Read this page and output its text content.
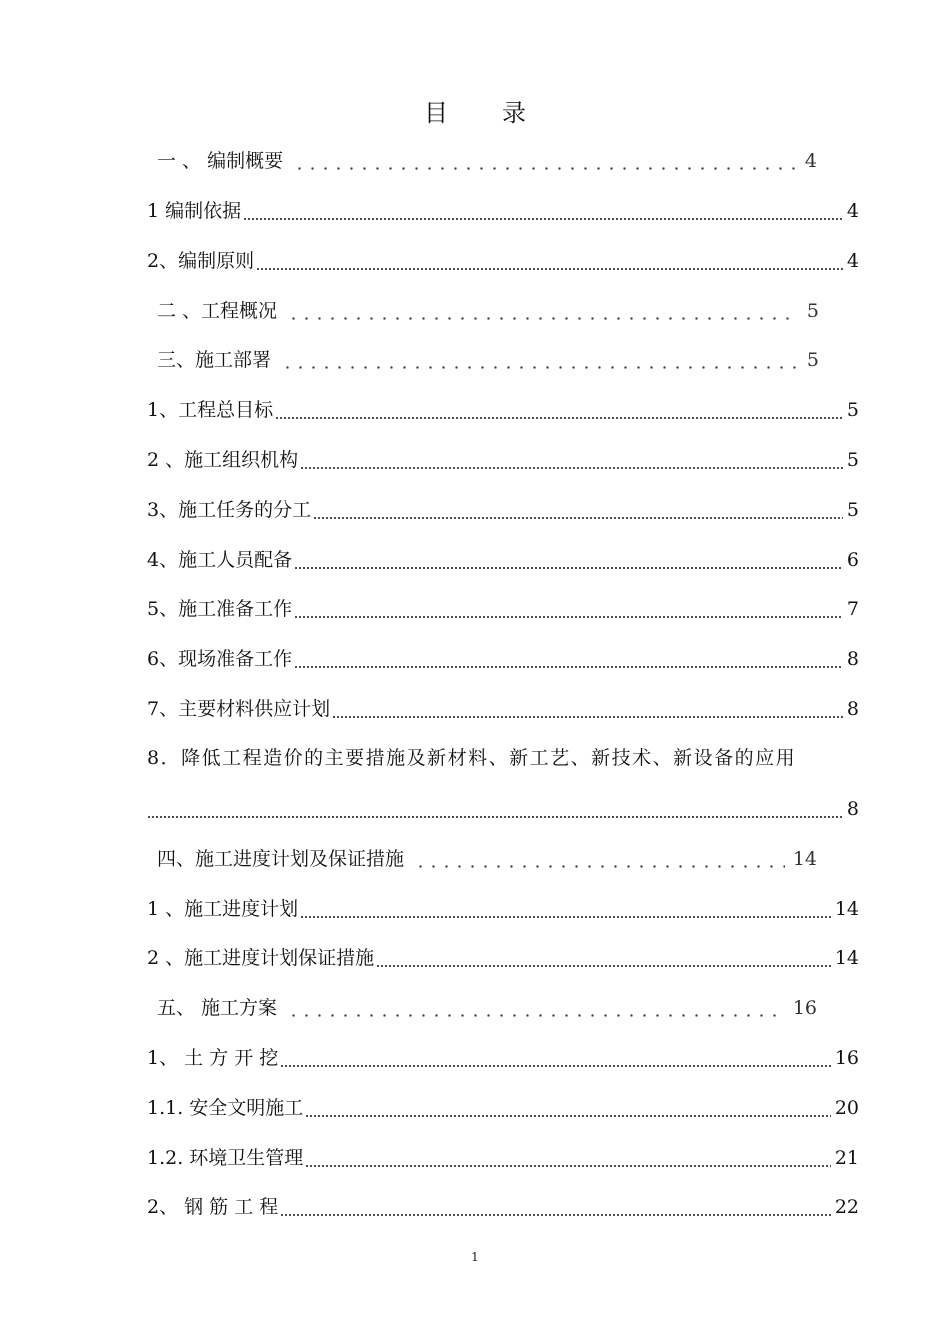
目 录
一 、 编制概要	4
1 编制依据	4
2、编制原则	4
二 、工程概况	5
三、施工部署	5
1、工程总目标	5
2 、施工组织机构	5
3、施工任务的分工	5
4、施工人员配备	6
5、施工准备工作	7
6、现场准备工作	8
7、主要材料供应计划	8
8．降低工程造价的主要措施及新材料、新工艺、新技术、新设备的应用
8
四、施工进度计划及保证措施	14
1 、施工进度计划	14
2 、施工进度计划保证措施	14
五、 施工方案	16
1、 土 方 开 挖	16
1.1. 安全文明施工	20
1.2. 环境卫生管理	21
2、 钢 筋 工 程	22
1
